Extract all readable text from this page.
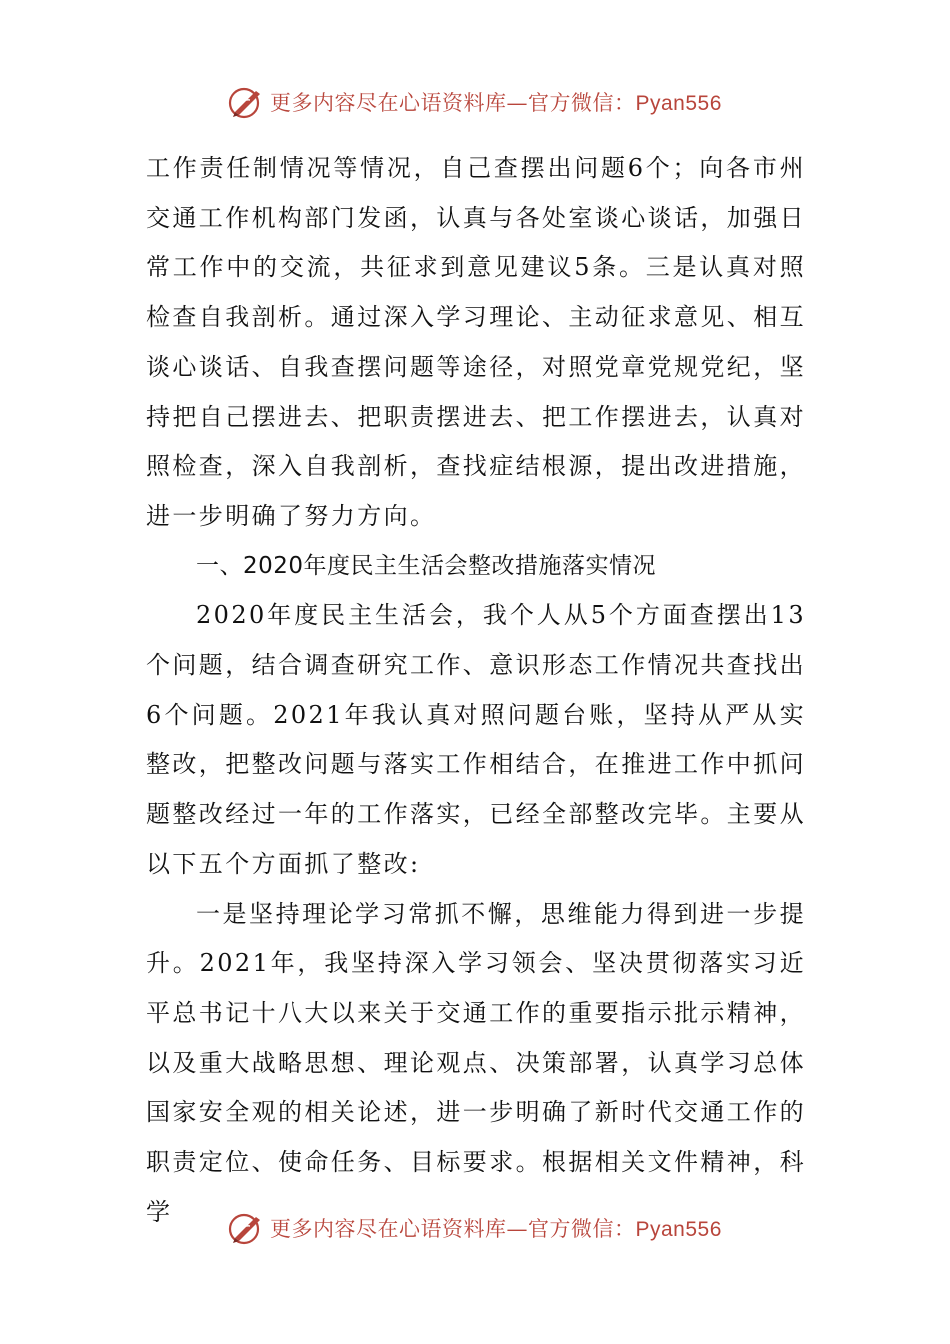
更多内容尽在心语资料库—官方微信：Pyan556

工作责任制情况等情况，自己查摆出问题6个；向各市州交通工作机构部门发函，认真与各处室谈心谈话，加强日常工作中的交流，共征求到意见建议5条。三是认真对照检查自我剖析。通过深入学习理论、主动征求意见、相互谈心谈话、自我查摆问题等途径，对照党章党规党纪，坚持把自己摆进去、把职责摆进去、把工作摆进去，认真对照检查，深入自我剖析，查找症结根源，提出改进措施，进一步明确了努力方向。

一、2020年度民主生活会整改措施落实情况

2020年度民主生活会，我个人从5个方面查摆出13个问题，结合调查研究工作、意识形态工作情况共查找出6个问题。2021年我认真对照问题台账，坚持从严从实整改，把整改问题与落实工作相结合，在推进工作中抓问题整改经过一年的工作落实，已经全部整改完毕。主要从以下五个方面抓了整改:

一是坚持理论学习常抓不懈，思维能力得到进一步提升。2021年，我坚持深入学习领会、坚决贯彻落实习近平总书记十八大以来关于交通工作的重要指示批示精神，以及重大战略思想、理论观点、决策部署，认真学习总体国家安全观的相关论述，进一步明确了新时代交通工作的职责定位、使命任务、目标要求。根据相关文件精神，科学

更多内容尽在心语资料库—官方微信：Pyan556
